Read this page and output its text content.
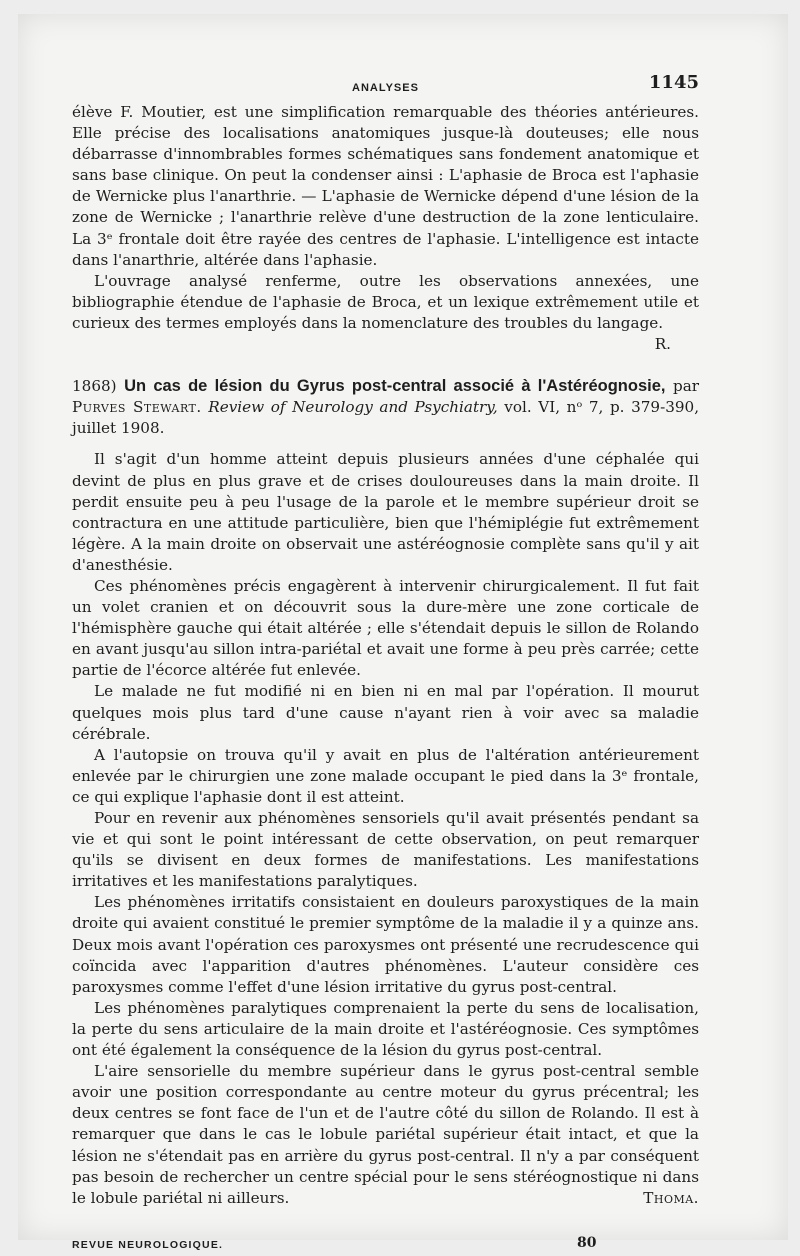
ANALYSES	1145

élève F. Moutier, est une simplification remarquable des théories antérieures. Elle précise des localisations anatomiques jusque-là douteuses; elle nous débarrasse d'innombrables formes schématiques sans fondement anatomique et sans base clinique. On peut la condenser ainsi : L'aphasie de Broca est l'aphasie de Wernicke plus l'anarthrie. — L'aphasie de Wernicke dépend d'une lésion de la zone de Wernicke ; l'anarthrie relève d'une destruction de la zone lenticulaire. La 3ᵉ frontale doit être rayée des centres de l'aphasie. L'intelligence est intacte dans l'anarthrie, altérée dans l'aphasie.

L'ouvrage analysé renferme, outre les observations annexées, une bibliographie étendue de l'aphasie de Broca, et un lexique extrêmement utile et curieux des termes employés dans la nomenclature des troubles du langage.
R.

1868) Un cas de lésion du Gyrus post-central associé à l'Astéréognosie, par Purves Stewart. Review of Neurology and Psychiatry, vol. VI, nᵒ 7, p. 379-390, juillet 1908.

Il s'agit d'un homme atteint depuis plusieurs années d'une céphalée qui devint de plus en plus grave et de crises douloureuses dans la main droite. Il perdit ensuite peu à peu l'usage de la parole et le membre supérieur droit se contractura en une attitude particulière, bien que l'hémiplégie fut extrêmement légère. A la main droite on observait une astéréognosie complète sans qu'il y ait d'anesthésie.

Ces phénomènes précis engagèrent à intervenir chirurgicalement. Il fut fait un volet cranien et on découvrit sous la dure-mère une zone corticale de l'hémisphère gauche qui était altérée ; elle s'étendait depuis le sillon de Rolando en avant jusqu'au sillon intra-pariétal et avait une forme à peu près carrée; cette partie de l'écorce altérée fut enlevée.

Le malade ne fut modifié ni en bien ni en mal par l'opération. Il mourut quelques mois plus tard d'une cause n'ayant rien à voir avec sa maladie cérébrale.

A l'autopsie on trouva qu'il y avait en plus de l'altération antérieurement enlevée par le chirurgien une zone malade occupant le pied dans la 3ᵉ frontale, ce qui explique l'aphasie dont il est atteint.

Pour en revenir aux phénomènes sensoriels qu'il avait présentés pendant sa vie et qui sont le point intéressant de cette observation, on peut remarquer qu'ils se divisent en deux formes de manifestations. Les manifestations irritatives et les manifestations paralytiques.

Les phénomènes irritatifs consistaient en douleurs paroxystiques de la main droite qui avaient constitué le premier symptôme de la maladie il y a quinze ans. Deux mois avant l'opération ces paroxysmes ont présenté une recrudescence qui coïncida avec l'apparition d'autres phénomènes. L'auteur considère ces paroxysmes comme l'effet d'une lésion irritative du gyrus post-central.

Les phénomènes paralytiques comprenaient la perte du sens de localisation, la perte du sens articulaire de la main droite et l'astéréognosie. Ces symptômes ont été également la conséquence de la lésion du gyrus post-central.

L'aire sensorielle du membre supérieur dans le gyrus post-central semble avoir une position correspondante au centre moteur du gyrus précentral; les deux centres se font face de l'un et de l'autre côté du sillon de Rolando. Il est à remarquer que dans le cas le lobule pariétal supérieur était intact, et que la lésion ne s'étendait pas en arrière du gyrus post-central. Il n'y a par conséquent pas besoin de rechercher un centre spécial pour le sens stéréognostique ni dans le lobule pariétal ni ailleurs.	Thoma.

REVUE NEUROLOGIQUE.	80
